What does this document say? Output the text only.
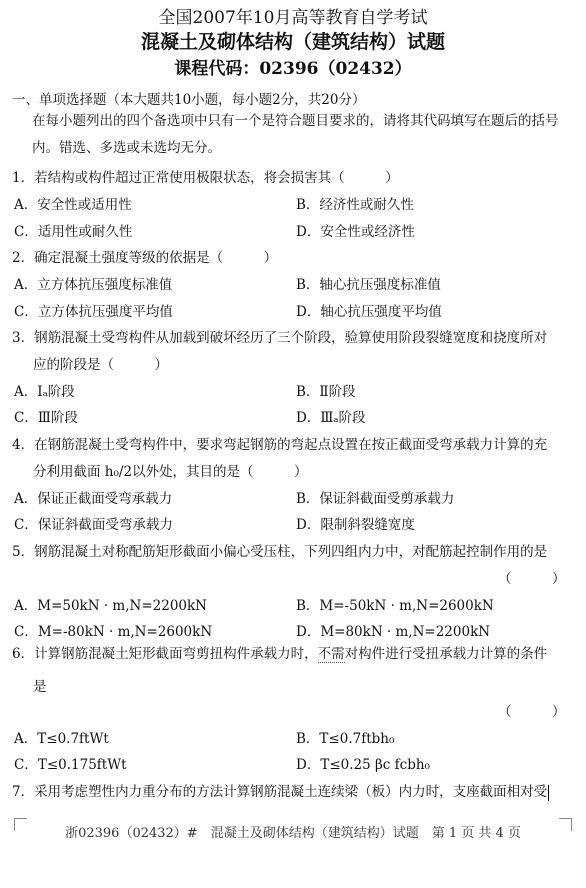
全国2007年10月高等教育自学考试
混凝土及砌体结构（建筑结构）试题
课程代码：02396（02432）
一、单项选择题（本大题共10小题，每小题2分，共20分）
在每小题列出的四个备选项中只有一个是符合题目要求的，请将其代码填写在题后的括号内。错选、多选或未选均无分。
1．若结构或构件超过正常使用极限状态，将会损害其（　　　）
A．安全性或适用性	B．经济性或耐久性
C．适用性或耐久性	D．安全性或经济性
2．确定混凝土强度等级的依据是（　　　）
A．立方体抗压强度标准值	B．轴心抗压强度标准值
C．立方体抗压强度平均值	D．轴心抗压强度平均值
3．钢筋混凝土受弯构件从加载到破坏经历了三个阶段，验算使用阶段裂缝宽度和挠度所对
应的阶段是（　　　）
A．Ⅰₐ阶段	B．Ⅱ阶段
C．Ⅲ阶段	D．Ⅲₐ阶段
4．在钢筋混凝土受弯构件中，要求弯起钢筋的弯起点设置在按正截面受弯承载力计算的充
分利用截面 h₀/2以外处，其目的是（　　　）
A．保证正截面受弯承载力	B．保证斜截面受剪承载力
C．保证斜截面受弯承载力	D．限制斜裂缝宽度
5．钢筋混凝土对称配筋矩形截面小偏心受压柱，下列四组内力中，对配筋起控制作用的是
（　　　）
A．M=50kN · m,N=2200kN	B．M=-50kN · m,N=2600kN
C．M=-80kN · m,N=2600kN	D．M=80kN · m,N=2200kN
6．计算钢筋混凝土矩形截面弯剪扭构件承载力时，不需对构件进行受扭承载力计算的条件
是
（　　　）
A．T≤0.7ftWt	B．T≤0.7ftbh₀
C．T≤0.175ftWt	D．T≤0.25 βc fcbh₀
7．采用考虑塑性内力重分布的方法计算钢筋混凝土连续梁（板）内力时，支座截面相对受
浙02396（02432）#　混凝土及砌体结构（建筑结构）试题　第 1 页 共 4 页
